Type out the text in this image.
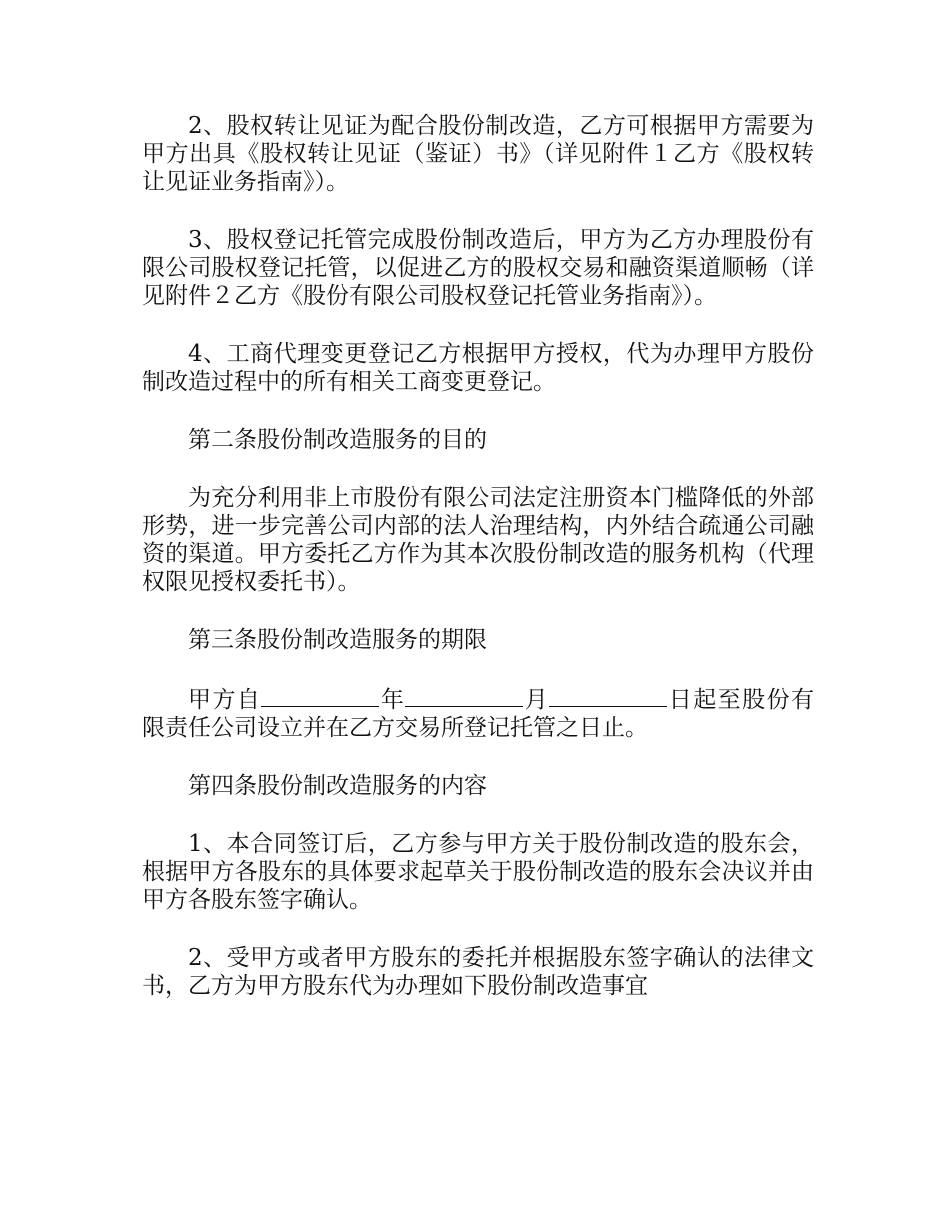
2、股权转让见证为配合股份制改造，乙方可根据甲方需要为甲方出具《股权转让见证（鉴证）书》（详见附件１乙方《股权转让见证业务指南》）。

3、股权登记托管完成股份制改造后，甲方为乙方办理股份有限公司股权登记托管，以促进乙方的股权交易和融资渠道顺畅（详见附件２乙方《股份有限公司股权登记托管业务指南》）。

4、工商代理变更登记乙方根据甲方授权，代为办理甲方股份制改造过程中的所有相关工商变更登记。

第二条股份制改造服务的目的

为充分利用非上市股份有限公司法定注册资本门槛降低的外部形势，进一步完善公司内部的法人治理结构，内外结合疏通公司融资的渠道。甲方委托乙方作为其本次股份制改造的服务机构（代理权限见授权委托书）。

第三条股份制改造服务的期限

甲方自	年	月	日起至股份有限责任公司设立并在乙方交易所登记托管之日止。

第四条股份制改造服务的内容

1、本合同签订后，乙方参与甲方关于股份制改造的股东会，根据甲方各股东的具体要求起草关于股份制改造的股东会决议并由甲方各股东签字确认。

2、受甲方或者甲方股东的委托并根据股东签字确认的法律文书，乙方为甲方股东代为办理如下股份制改造事宜
